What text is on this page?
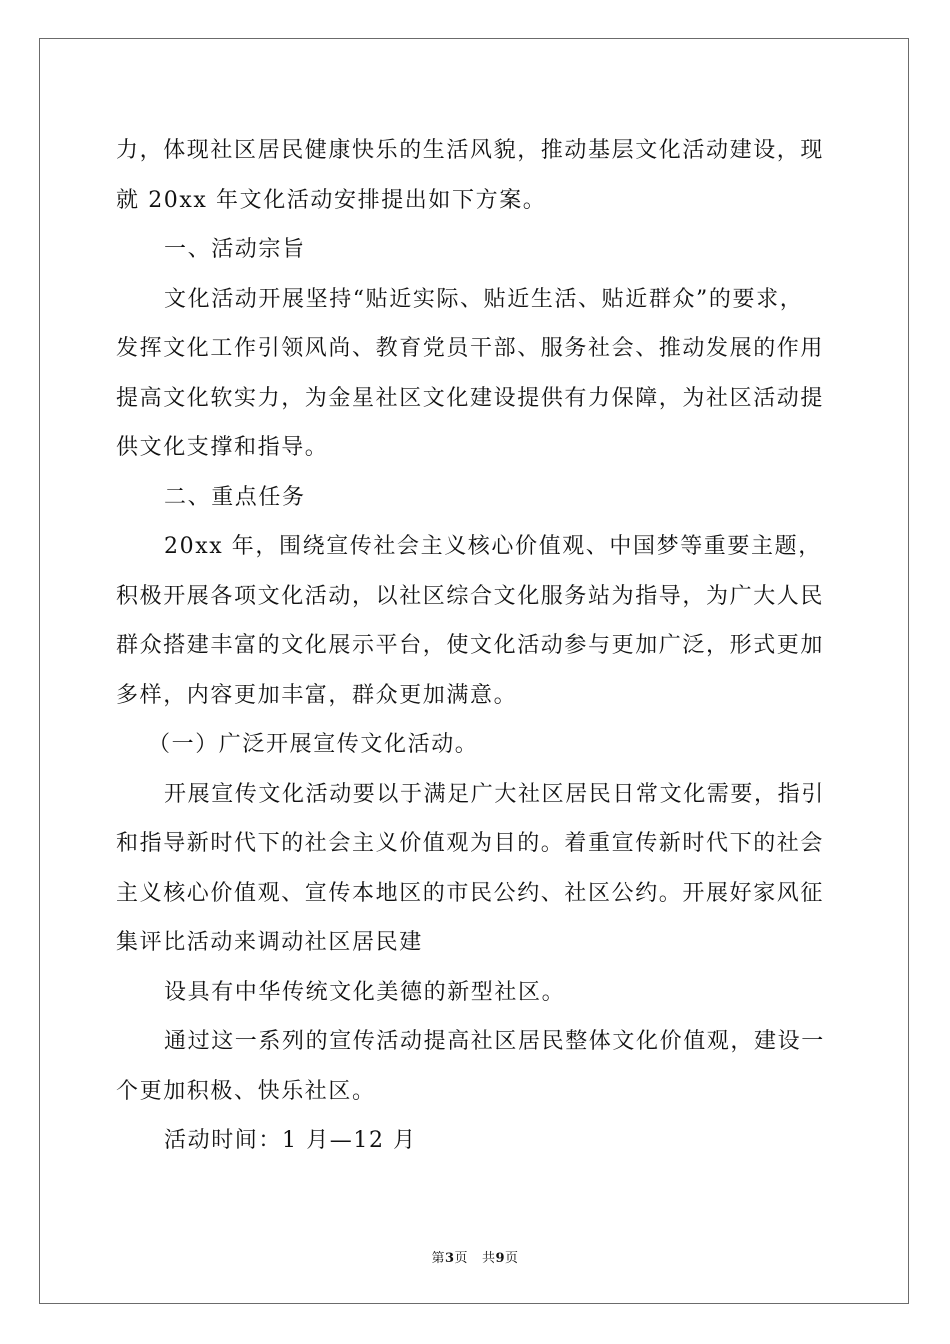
力，体现社区居民健康快乐的生活风貌，推动基层文化活动建设，现
就 20xx 年文化活动安排提出如下方案。

一、活动宗旨

文化活动开展坚持“贴近实际、贴近生活、贴近群众”的要求，
发挥文化工作引领风尚、教育党员干部、服务社会、推动发展的作用
提高文化软实力，为金星社区文化建设提供有力保障，为社区活动提
供文化支撑和指导。

二、重点任务

20xx 年，围绕宣传社会主义核心价值观、中国梦等重要主题，
积极开展各项文化活动，以社区综合文化服务站为指导，为广大人民
群众搭建丰富的文化展示平台，使文化活动参与更加广泛，形式更加
多样，内容更加丰富，群众更加满意。

（一）广泛开展宣传文化活动。

开展宣传文化活动要以于满足广大社区居民日常文化需要，指引
和指导新时代下的社会主义价值观为目的。着重宣传新时代下的社会
主义核心价值观、宣传本地区的市民公约、社区公约。开展好家风征
集评比活动来调动社区居民建

设具有中华传统文化美德的新型社区。

通过这一系列的宣传活动提高社区居民整体文化价值观，建设一
个更加积极、快乐社区。

活动时间：1 月—12 月

第3页 共9页
